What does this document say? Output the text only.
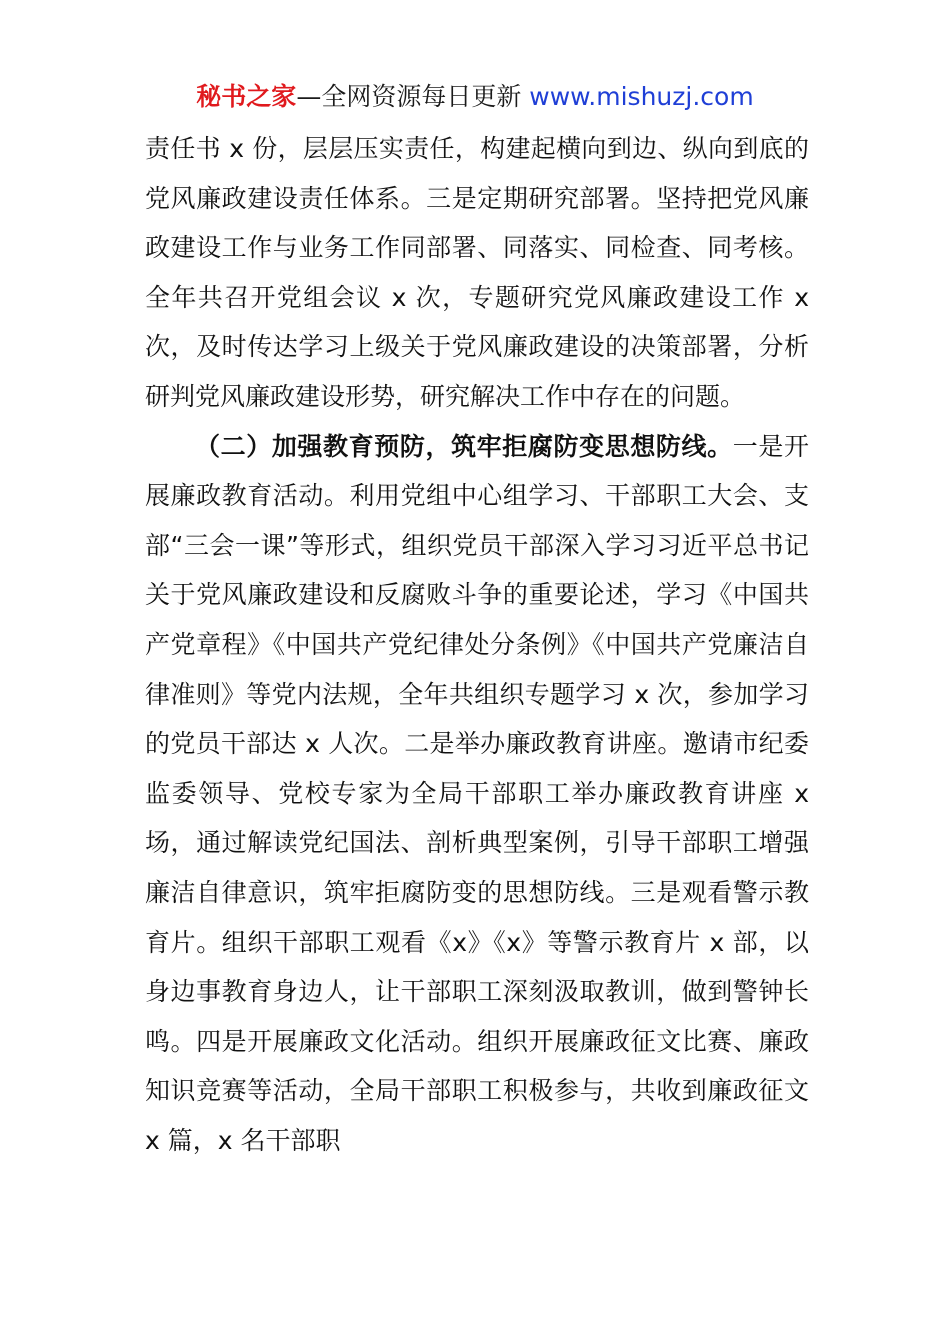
秘书之家—全网资源每日更新 www.mishuzj.com

责任书 x 份，层层压实责任，构建起横向到边、纵向到底的党风廉政建设责任体系。三是定期研究部署。坚持把党风廉政建设工作与业务工作同部署、同落实、同检查、同考核。全年共召开党组会议 x 次，专题研究党风廉政建设工作 x 次，及时传达学习上级关于党风廉政建设的决策部署，分析研判党风廉政建设形势，研究解决工作中存在的问题。

（二）加强教育预防，筑牢拒腐防变思想防线。一是开展廉政教育活动。利用党组中心组学习、干部职工大会、支部“三会一课”等形式，组织党员干部深入学习习近平总书记关于党风廉政建设和反腐败斗争的重要论述，学习《中国共产党章程》《中国共产党纪律处分条例》《中国共产党廉洁自律准则》等党内法规，全年共组织专题学习 x 次，参加学习的党员干部达 x 人次。二是举办廉政教育讲座。邀请市纪委监委领导、党校专家为全局干部职工举办廉政教育讲座 x 场，通过解读党纪国法、剖析典型案例，引导干部职工增强廉洁自律意识，筑牢拒腐防变的思想防线。三是观看警示教育片。组织干部职工观看《x》《x》等警示教育片 x 部，以身边事教育身边人，让干部职工深刻汲取教训，做到警钟长鸣。四是开展廉政文化活动。组织开展廉政征文比赛、廉政知识竞赛等活动，全局干部职工积极参与，共收到廉政征文 x 篇，x 名干部职
